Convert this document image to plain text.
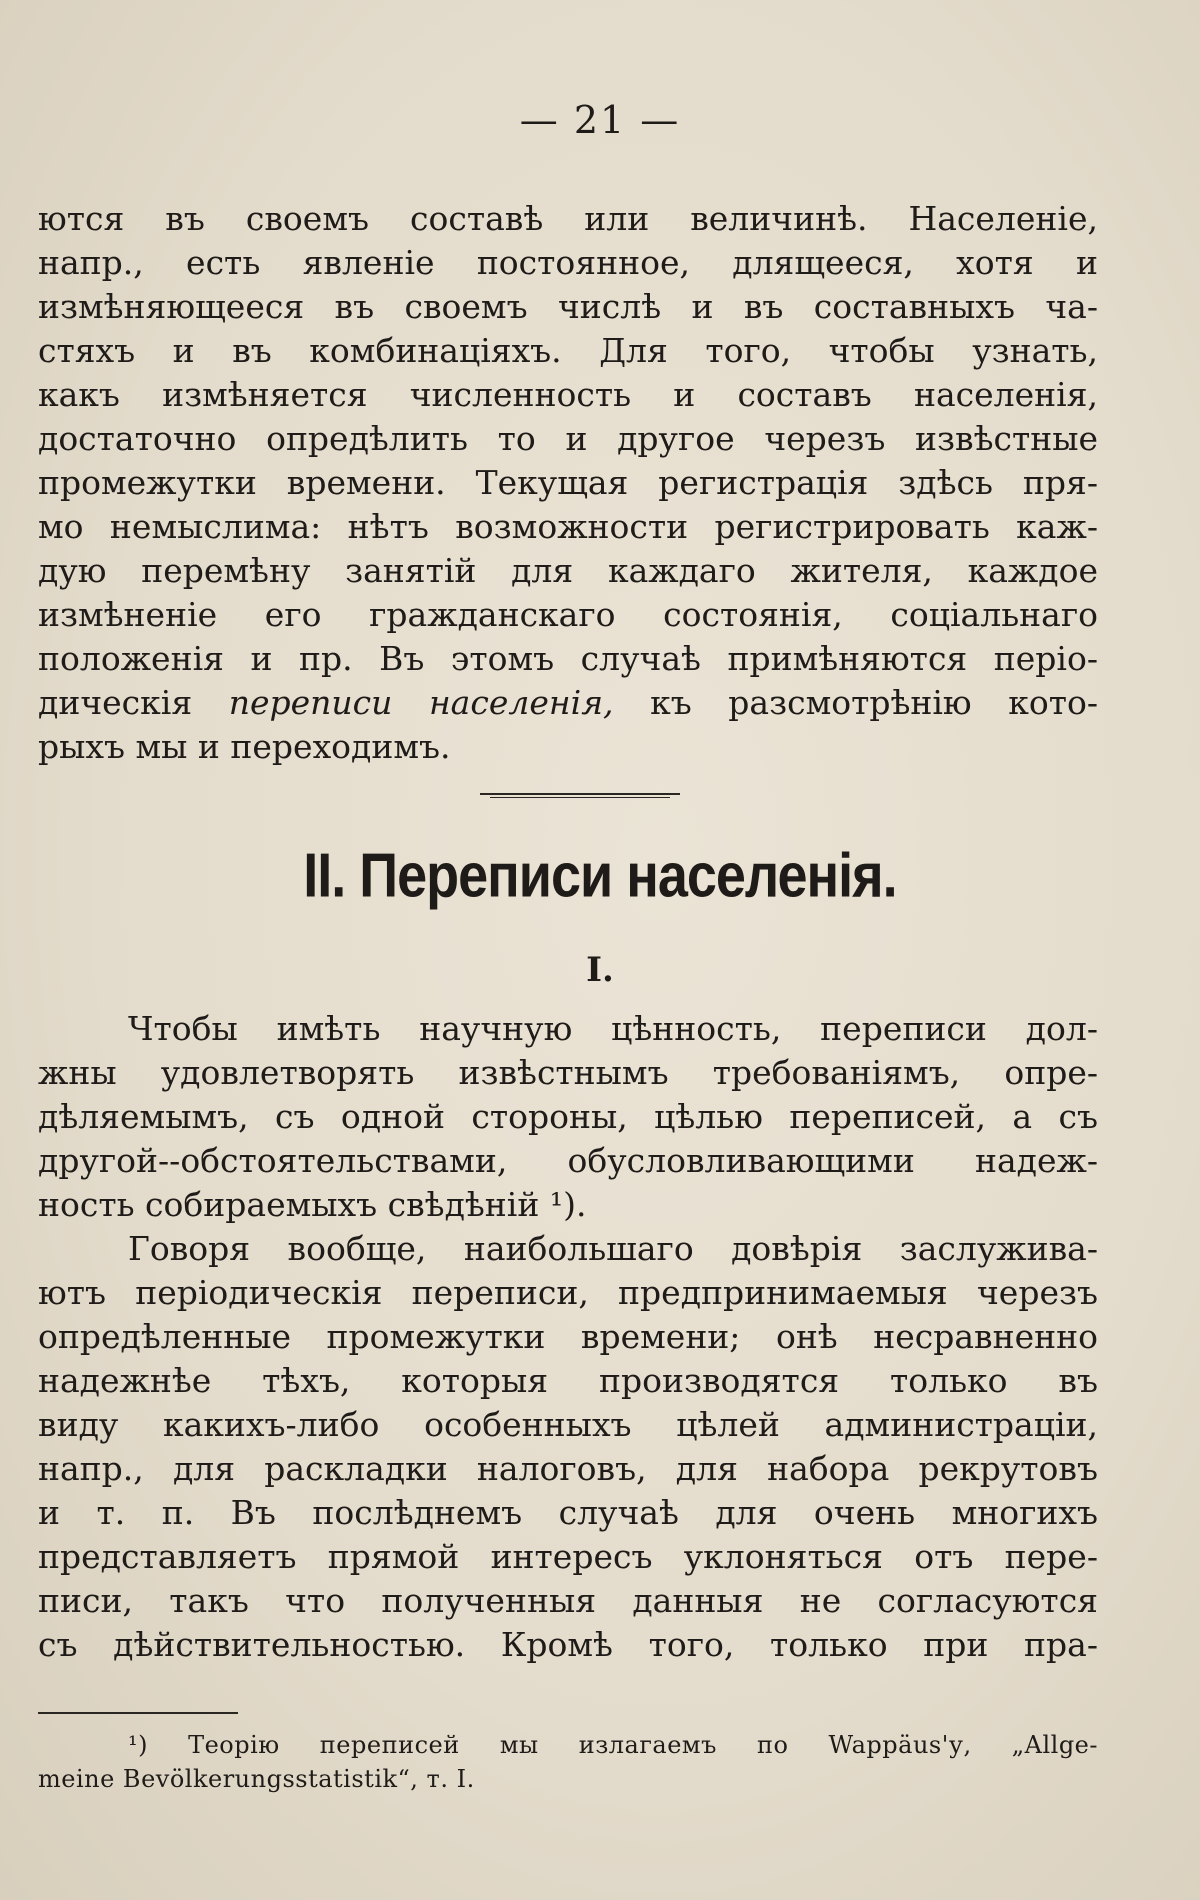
— 21 —

ются въ своемъ составѣ или величинѣ. Населеніе,

напр., есть явленіе постоянное, длящееся, хотя и

измѣняющееся въ своемъ числѣ и въ составныхъ ча-

стяхъ и въ комбинаціяхъ. Для того, чтобы узнать,

какъ измѣняется численность и составъ населенія,

достаточно опредѣлить то и другое черезъ извѣстные

промежутки времени. Текущая регистрація здѣсь пря-

мо немыслима: нѣтъ возможности регистрировать каж-

дую перемѣну занятій для каждаго жителя, каждое

измѣненіе его гражданскаго состоянія, соціальнаго

положенія и пр. Въ этомъ случаѣ примѣняются періо-

дическія переписи населенія, къ разсмотрѣнію кото-

рыхъ мы и переходимъ.

II. Переписи населенія.
I.

Чтобы имѣть научную цѣнность, переписи дол-

жны удовлетворять извѣстнымъ требованіямъ, опре-

дѣляемымъ, съ одной стороны, цѣлью переписей, а съ

другой--обстоятельствами, обусловливающими надеж-

ность собираемыхъ свѣдѣній ¹).

Говоря вообще, наибольшаго довѣрія заслужива-

ютъ періодическія переписи, предпринимаемыя черезъ

опредѣленные промежутки времени; онѣ несравненно

надежнѣе тѣхъ, которыя производятся только въ

виду какихъ-либо особенныхъ цѣлей администраціи,

напр., для раскладки налоговъ, для набора рекрутовъ

и т. п. Въ послѣднемъ случаѣ для очень многихъ

представляетъ прямой интересъ уклоняться отъ пере-

писи, такъ что полученныя данныя не согласуются

съ дѣйствительностью. Кромѣ того, только при пра-

¹) Теорію переписей мы излагаемъ по Wappäus'у, „Allge-
meine Bevölkerungsstatistik“, т. I.
